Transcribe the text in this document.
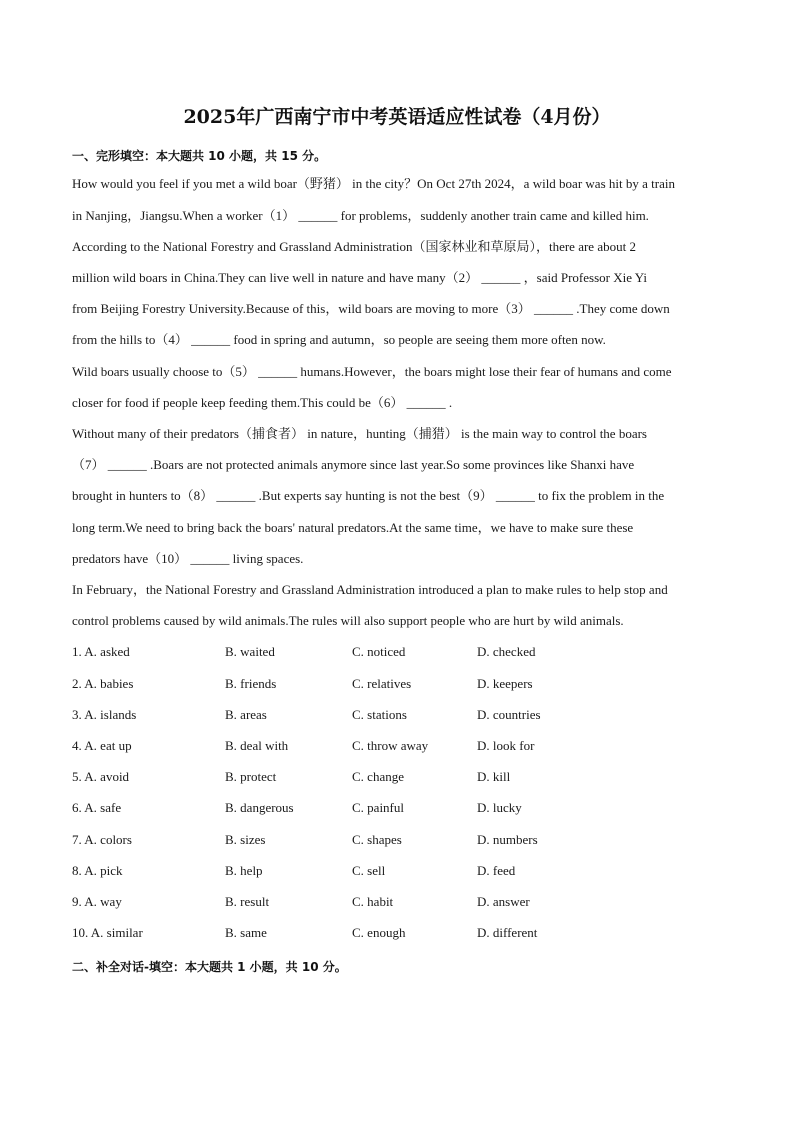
2025年广西南宁市中考英语适应性试卷（4月份）
一、完形填空：本大题共 10 小题，共 15 分。
How would you feel if you met a wild boar（野猪） in the city？On Oct 27th 2024，a wild boar was hit by a train
in Nanjing，Jiangsu.When a worker（1） ______ for problems，suddenly another train came and killed him.
According to the National Forestry and Grassland Administration（国家林业和草原局），there are about 2
million wild boars in China.They can live well in nature and have many（2） ______ ，said Professor Xie Yi
from Beijing Forestry University.Because of this，wild boars are moving to more（3） ______ .They come down
from the hills to（4） ______ food in spring and autumn，so people are seeing them more often now.
Wild boars usually choose to（5） ______ humans.However，the boars might lose their fear of humans and come
closer for food if people keep feeding them.This could be（6） ______ .
Without many of their predators（捕食者） in nature，hunting（捕猎） is the main way to control the boars
（7） ______ .Boars are not protected animals anymore since last year.So some provinces like Shanxi have
brought in hunters to（8） ______ .But experts say hunting is not the best（9） ______ to fix the problem in the
long term.We need to bring back the boars' natural predators.At the same time，we have to make sure these
predators have（10） ______ living spaces.
In February，the National Forestry and Grassland Administration introduced a plan to make rules to help stop and
control problems caused by wild animals.The rules will also support people who are hurt by wild animals.
1. A. asked	B. waited	C. noticed	D. checked
2. A. babies	B. friends	C. relatives	D. keepers
3. A. islands	B. areas	C. stations	D. countries
4. A. eat up	B. deal with	C. throw away	D. look for
5. A. avoid	B. protect	C. change	D. kill
6. A. safe	B. dangerous	C. painful	D. lucky
7. A. colors	B. sizes	C. shapes	D. numbers
8. A. pick	B. help	C. sell	D. feed
9. A. way	B. result	C. habit	D. answer
10. A. similar	B. same	C. enough	D. different
二、补全对话-填空：本大题共 1 小题，共 10 分。
